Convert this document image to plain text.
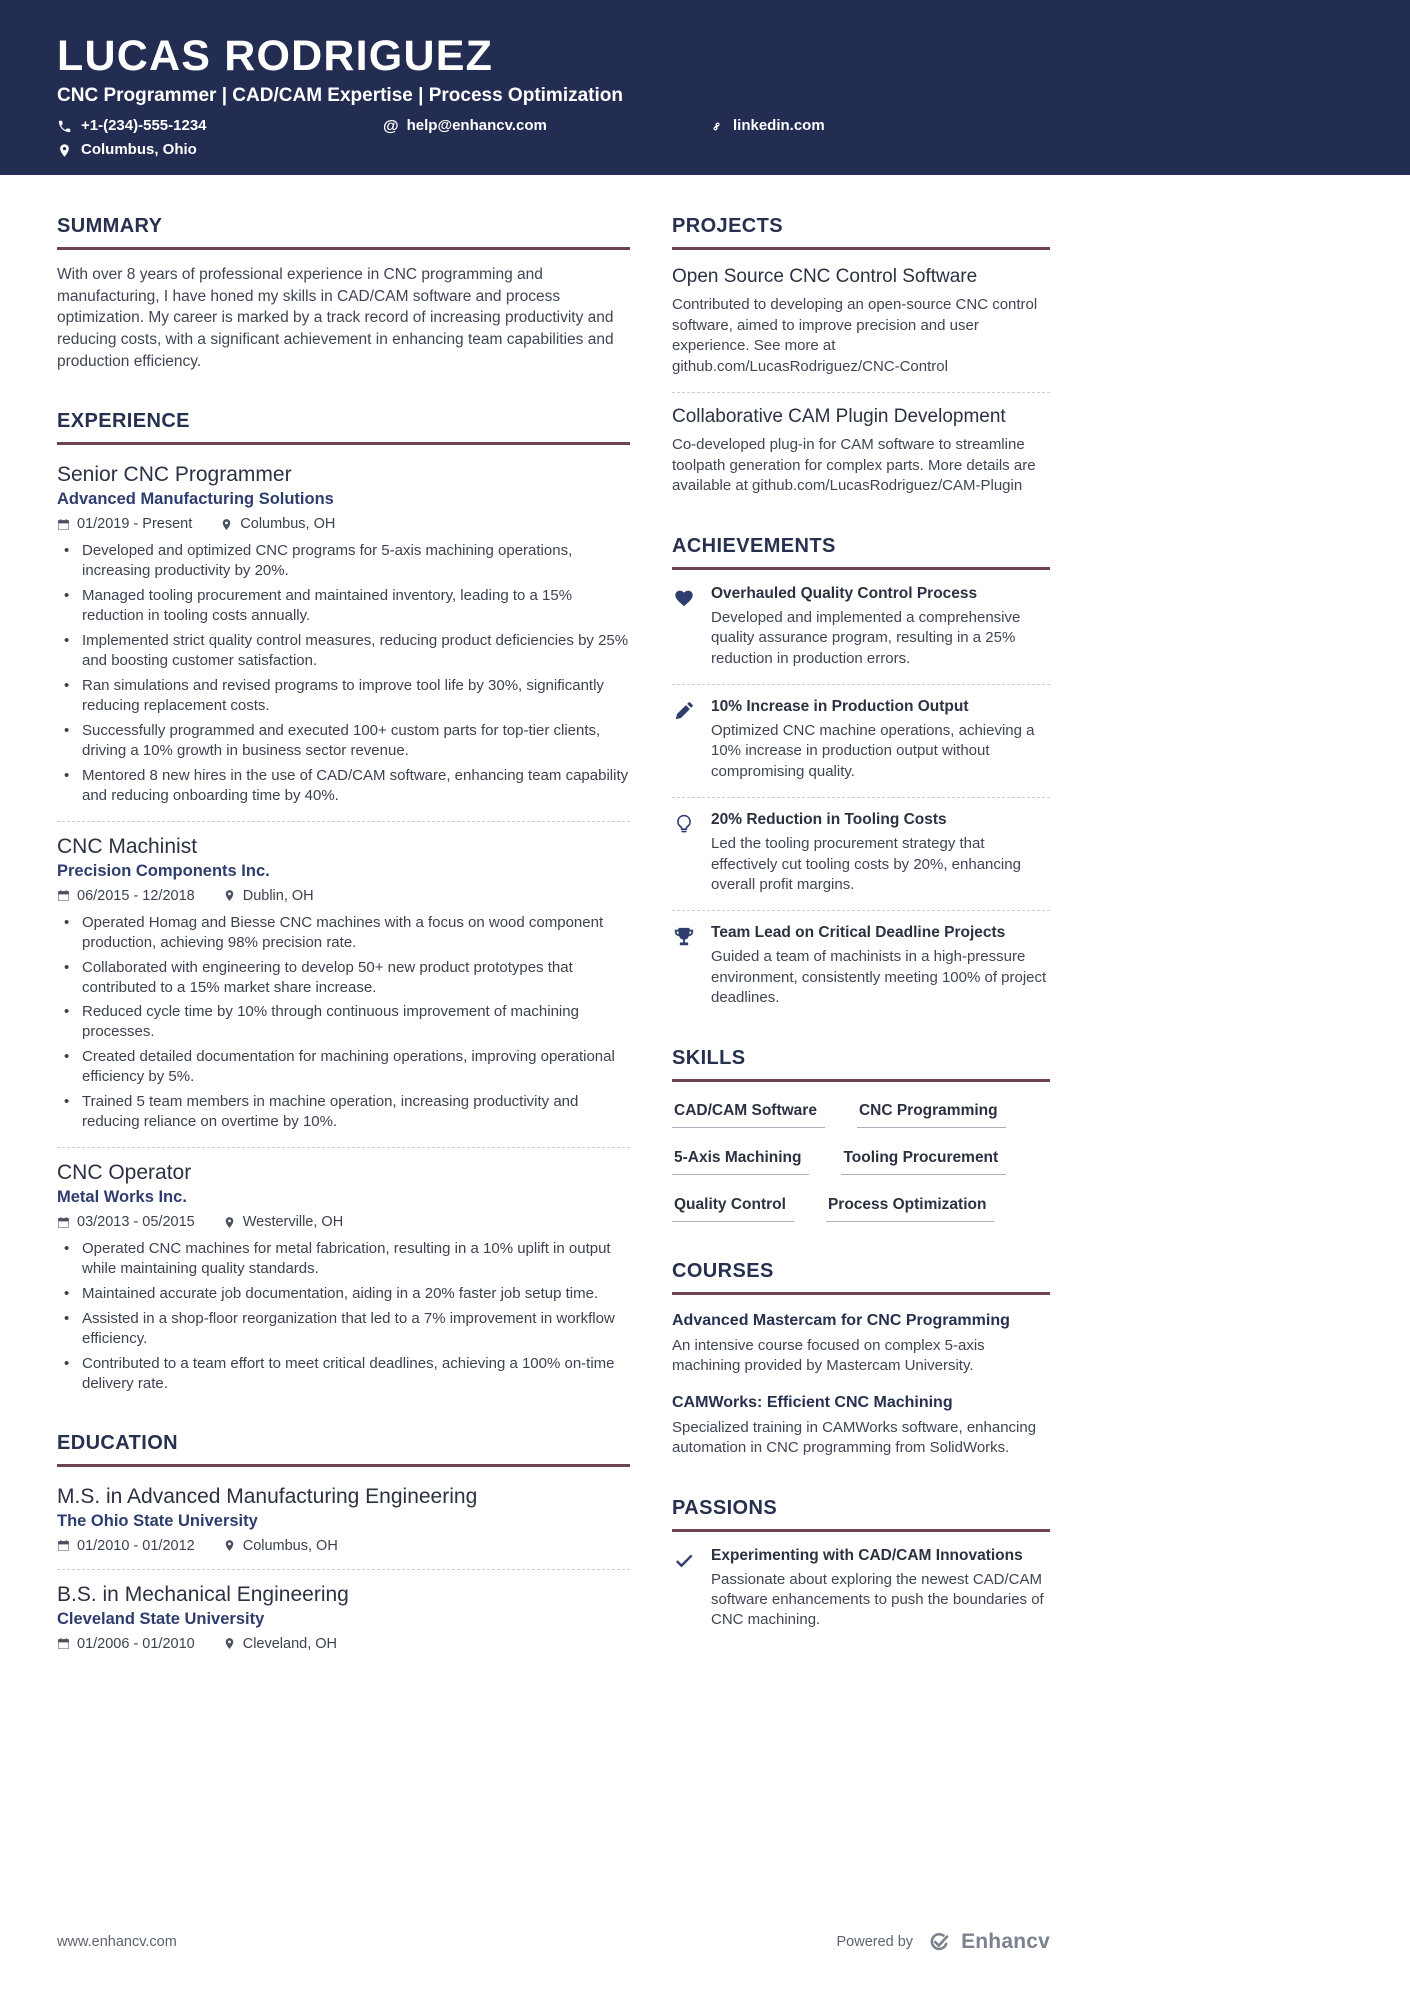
LUCAS RODRIGUEZ
CNC Programmer | CAD/CAM Expertise | Process Optimization
+1-(234)-555-1234	@ help@enhancv.com	linkedin.com
Columbus, Ohio
SUMMARY

With over 8 years of professional experience in CNC programming and manufacturing, I have honed my skills in CAD/CAM software and process optimization. My career is marked by a track record of increasing productivity and reducing costs, with a significant achievement in enhancing team capabilities and production efficiency.

EXPERIENCE
Senior CNC Programmer
Advanced Manufacturing Solutions
01/2019 - Present	Columbus, OH
• Developed and optimized CNC programs for 5-axis machining operations, increasing productivity by 20%.
• Managed tooling procurement and maintained inventory, leading to a 15% reduction in tooling costs annually.
• Implemented strict quality control measures, reducing product deficiencies by 25% and boosting customer satisfaction.
• Ran simulations and revised programs to improve tool life by 30%, significantly reducing replacement costs.
• Successfully programmed and executed 100+ custom parts for top-tier clients, driving a 10% growth in business sector revenue.
• Mentored 8 new hires in the use of CAD/CAM software, enhancing team capability and reducing onboarding time by 40%.
CNC Machinist
Precision Components Inc.
06/2015 - 12/2018	Dublin, OH
• Operated Homag and Biesse CNC machines with a focus on wood component production, achieving 98% precision rate.
• Collaborated with engineering to develop 50+ new product prototypes that contributed to a 15% market share increase.
• Reduced cycle time by 10% through continuous improvement of machining processes.
• Created detailed documentation for machining operations, improving operational efficiency by 5%.
• Trained 5 team members in machine operation, increasing productivity and reducing reliance on overtime by 10%.
CNC Operator
Metal Works Inc.
03/2013 - 05/2015	Westerville, OH
• Operated CNC machines for metal fabrication, resulting in a 10% uplift in output while maintaining quality standards.
• Maintained accurate job documentation, aiding in a 20% faster job setup time.
• Assisted in a shop-floor reorganization that led to a 7% improvement in workflow efficiency.
• Contributed to a team effort to meet critical deadlines, achieving a 100% on-time delivery rate.
EDUCATION
M.S. in Advanced Manufacturing Engineering
The Ohio State University
01/2010 - 01/2012	Columbus, OH
B.S. in Mechanical Engineering
Cleveland State University
01/2006 - 01/2010	Cleveland, OH
PROJECTS
Open Source CNC Control Software

Contributed to developing an open-source CNC control software, aimed to improve precision and user experience. See more at github.com/LucasRodriguez/CNC-Control

Collaborative CAM Plugin Development

Co-developed plug-in for CAM software to streamline toolpath generation for complex parts. More details are available at github.com/LucasRodriguez/CAM-Plugin

ACHIEVEMENTS
Overhauled Quality Control Process

Developed and implemented a comprehensive quality assurance program, resulting in a 25% reduction in production errors.

10% Increase in Production Output

Optimized CNC machine operations, achieving a 10% increase in production output without compromising quality.

20% Reduction in Tooling Costs

Led the tooling procurement strategy that effectively cut tooling costs by 20%, enhancing overall profit margins.

Team Lead on Critical Deadline Projects

Guided a team of machinists in a high-pressure environment, consistently meeting 100% of project deadlines.

SKILLS
CAD/CAM Software	CNC Programming
5-Axis Machining	Tooling Procurement
Quality Control	Process Optimization
COURSES
Advanced Mastercam for CNC Programming

An intensive course focused on complex 5-axis machining provided by Mastercam University.

CAMWorks: Efficient CNC Machining

Specialized training in CAMWorks software, enhancing automation in CNC programming from SolidWorks.

PASSIONS
Experimenting with CAD/CAM Innovations

Passionate about exploring the newest CAD/CAM software enhancements to push the boundaries of CNC machining.

www.enhancv.com	Powered by Enhancv
